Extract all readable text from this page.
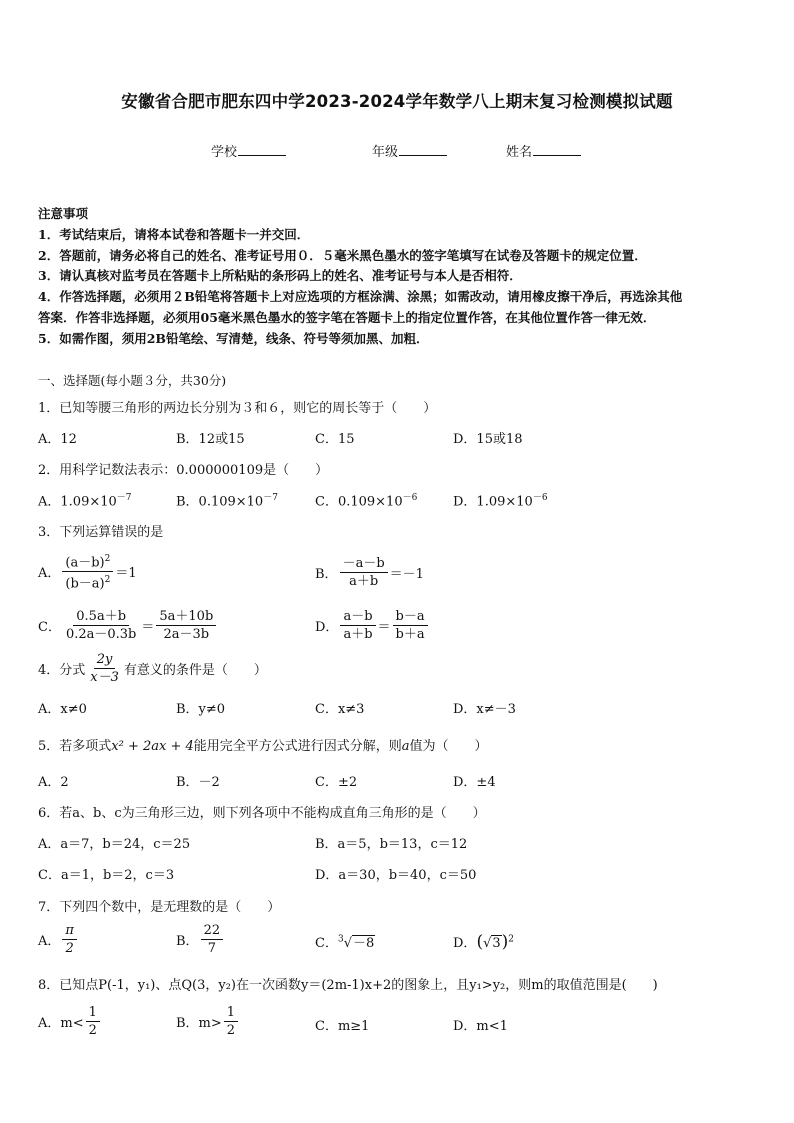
安徽省合肥市肥东四中学2023-2024学年数学八上期末复习检测模拟试题
学校	年级	姓名
注意事项
1．考试结束后，请将本试卷和答题卡一并交回．
2．答题前，请务必将自己的姓名、准考证号用０．５毫米黑色墨水的签字笔填写在试卷及答题卡的规定位置．
3．请认真核对监考员在答题卡上所粘贴的条形码上的姓名、准考证号与本人是否相符．
4．作答选择题，必须用２B铅笔将答题卡上对应选项的方框涂满、涂黑；如需改动，请用橡皮擦干净后，再选涂其他
答案．作答非选择题，必须用05毫米黑色墨水的签字笔在答题卡上的指定位置作答，在其他位置作答一律无效．
5．如需作图，须用2B铅笔绘、写清楚，线条、符号等须加黑、加粗．
一、选择题(每小题３分，共30分)
1．已知等腰三角形的两边长分别为３和６，则它的周长等于（　　）
A．12	B．12或15	C．15	D．15或18
2．用科学记数法表示：0.000000109是（　　）
A．$1.09\times 10^{-7}$	B．$0.109\times 10^{-7}$	C．$0.109\times 10^{-6}$	D．$1.09\times 10^{-6}$
3．下列运算错误的是
A． $\frac{(a-b)^2}{(b-a)^2} =1$	B． $\frac{-a-b}{a+b} =-1$
C． $\frac{0.5a+b}{0.2a-0.3b} = \frac{5a+10b}{2a-3b}$	D． $\frac{a-b}{a+b} = \frac{b-a}{b+a}$
4．分式 $\frac{2y}{x-3}$ 有意义的条件是（　　）
A．x≠0	B．y≠0	C．x≠3	D．x≠－3
5．若多项式x² + 2ax + 4能用完全平方公式进行因式分解，则a值为（　　）
A．2	B．－2	C．±2	D．±4
6．若a、b、c为三角形三边，则下列各项中不能构成直角三角形的是（　　）
A．a＝7，b＝24，c＝25	B．a＝5，b＝13，c＝12
C．a＝1，b＝2，c＝3	D．a＝30，b＝40，c＝50
7．下列四个数中，是无理数的是（　　）
A． $\frac{\pi}{2}$	B． $\frac{22}{7}$	C．$^3$√－8	D．$(√3)^2$
8．已知点P(-1，y₁)、点Q(3，y₂)在一次函数y＝(2m-1)x+2的图象上，且y₁>y₂，则m的取值范围是(　　)
A．$m< \frac{1}{2}$	B．$m> \frac{1}{2}$	C．m≥1	D．m<1
